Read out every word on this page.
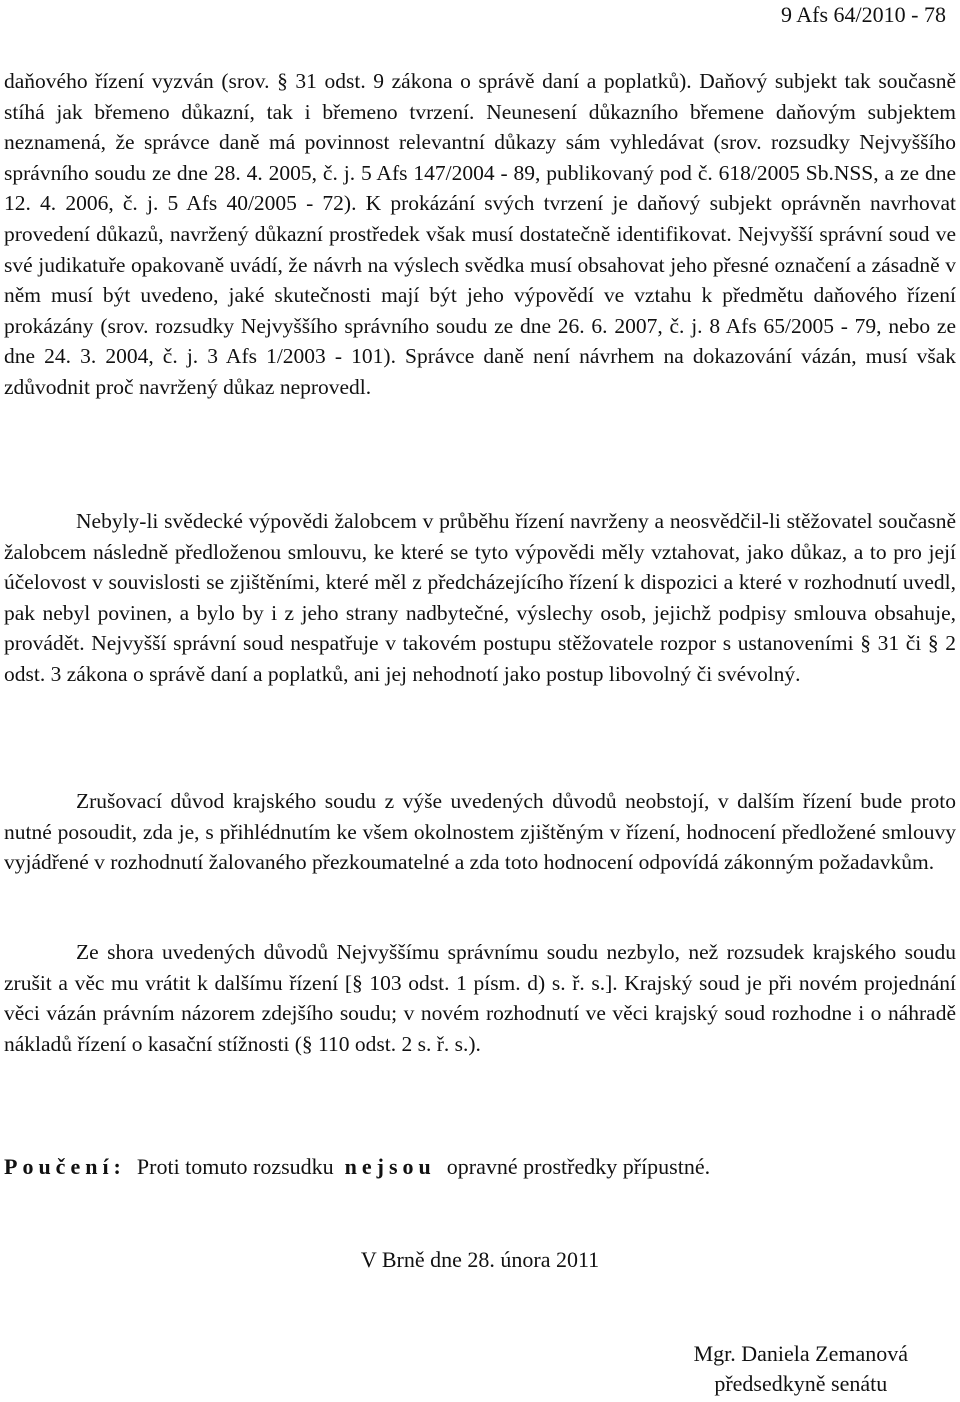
9 Afs 64/2010 - 78

daňového řízení vyzván (srov. § 31 odst. 9 zákona o správě daní a poplatků). Daňový subjekt tak současně stíhá jak břemeno důkazní, tak i břemeno tvrzení. Neunesení důkazního břemene daňovým subjektem neznamená, že správce daně má povinnost relevantní důkazy sám vyhledávat (srov. rozsudky Nejvyššího správního soudu ze dne 28. 4. 2005, č. j. 5 Afs 147/2004 - 89, publikovaný pod č. 618/2005 Sb.NSS, a ze dne 12. 4. 2006, č. j. 5 Afs 40/2005 - 72). K prokázání svých tvrzení je daňový subjekt oprávněn navrhovat provedení důkazů, navržený důkazní prostředek však musí dostatečně identifikovat. Nejvyšší správní soud ve své judikatuře opakovaně uvádí, že návrh na výslech svědka musí obsahovat jeho přesné označení a zásadně v něm musí být uvedeno, jaké skutečnosti mají být jeho výpovědí ve vztahu k předmětu daňového řízení prokázány (srov. rozsudky Nejvyššího správního soudu ze dne 26. 6. 2007, č. j. 8 Afs 65/2005 - 79, nebo ze dne 24. 3. 2004, č. j. 3 Afs 1/2003 - 101). Správce daně není návrhem na dokazování vázán, musí však zdůvodnit proč navržený důkaz neprovedl.

Nebyly-li svědecké výpovědi žalobcem v průběhu řízení navrženy a neosvědčil-li stěžovatel současně žalobcem následně předloženou smlouvu, ke které se tyto výpovědi měly vztahovat, jako důkaz, a to pro její účelovost v souvislosti se zjištěními, které měl z předcházejícího řízení k dispozici a které v rozhodnutí uvedl, pak nebyl povinen, a bylo by i z jeho strany nadbytečné, výslechy osob, jejichž podpisy smlouva obsahuje, provádět. Nejvyšší správní soud nespatřuje v takovém postupu stěžovatele rozpor s ustanoveními § 31 či § 2 odst. 3 zákona o správě daní a poplatků, ani jej nehodnotí jako postup libovolný či svévolný.

Zrušovací důvod krajského soudu z výše uvedených důvodů neobstojí, v dalším řízení bude proto nutné posoudit, zda je, s přihlédnutím ke všem okolnostem zjištěným v řízení, hodnocení předložené smlouvy vyjádřené v rozhodnutí žalovaného přezkoumatelné a zda toto hodnocení odpovídá zákonným požadavkům.

Ze shora uvedených důvodů Nejvyššímu správnímu soudu nezbylo, než rozsudek krajského soudu zrušit a věc mu vrátit k dalšímu řízení [§ 103 odst. 1 písm. d) s. ř. s.]. Krajský soud je při novém projednání věci vázán právním názorem zdejšího soudu; v novém rozhodnutí ve věci krajský soud rozhodne i o náhradě nákladů řízení o kasační stížnosti (§ 110 odst. 2 s. ř. s.).

Poučení: Proti tomuto rozsudku nejsou opravné prostředky přípustné.
V Brně dne 28. února 2011
Mgr. Daniela Zemanová
předsedkyně senátu
